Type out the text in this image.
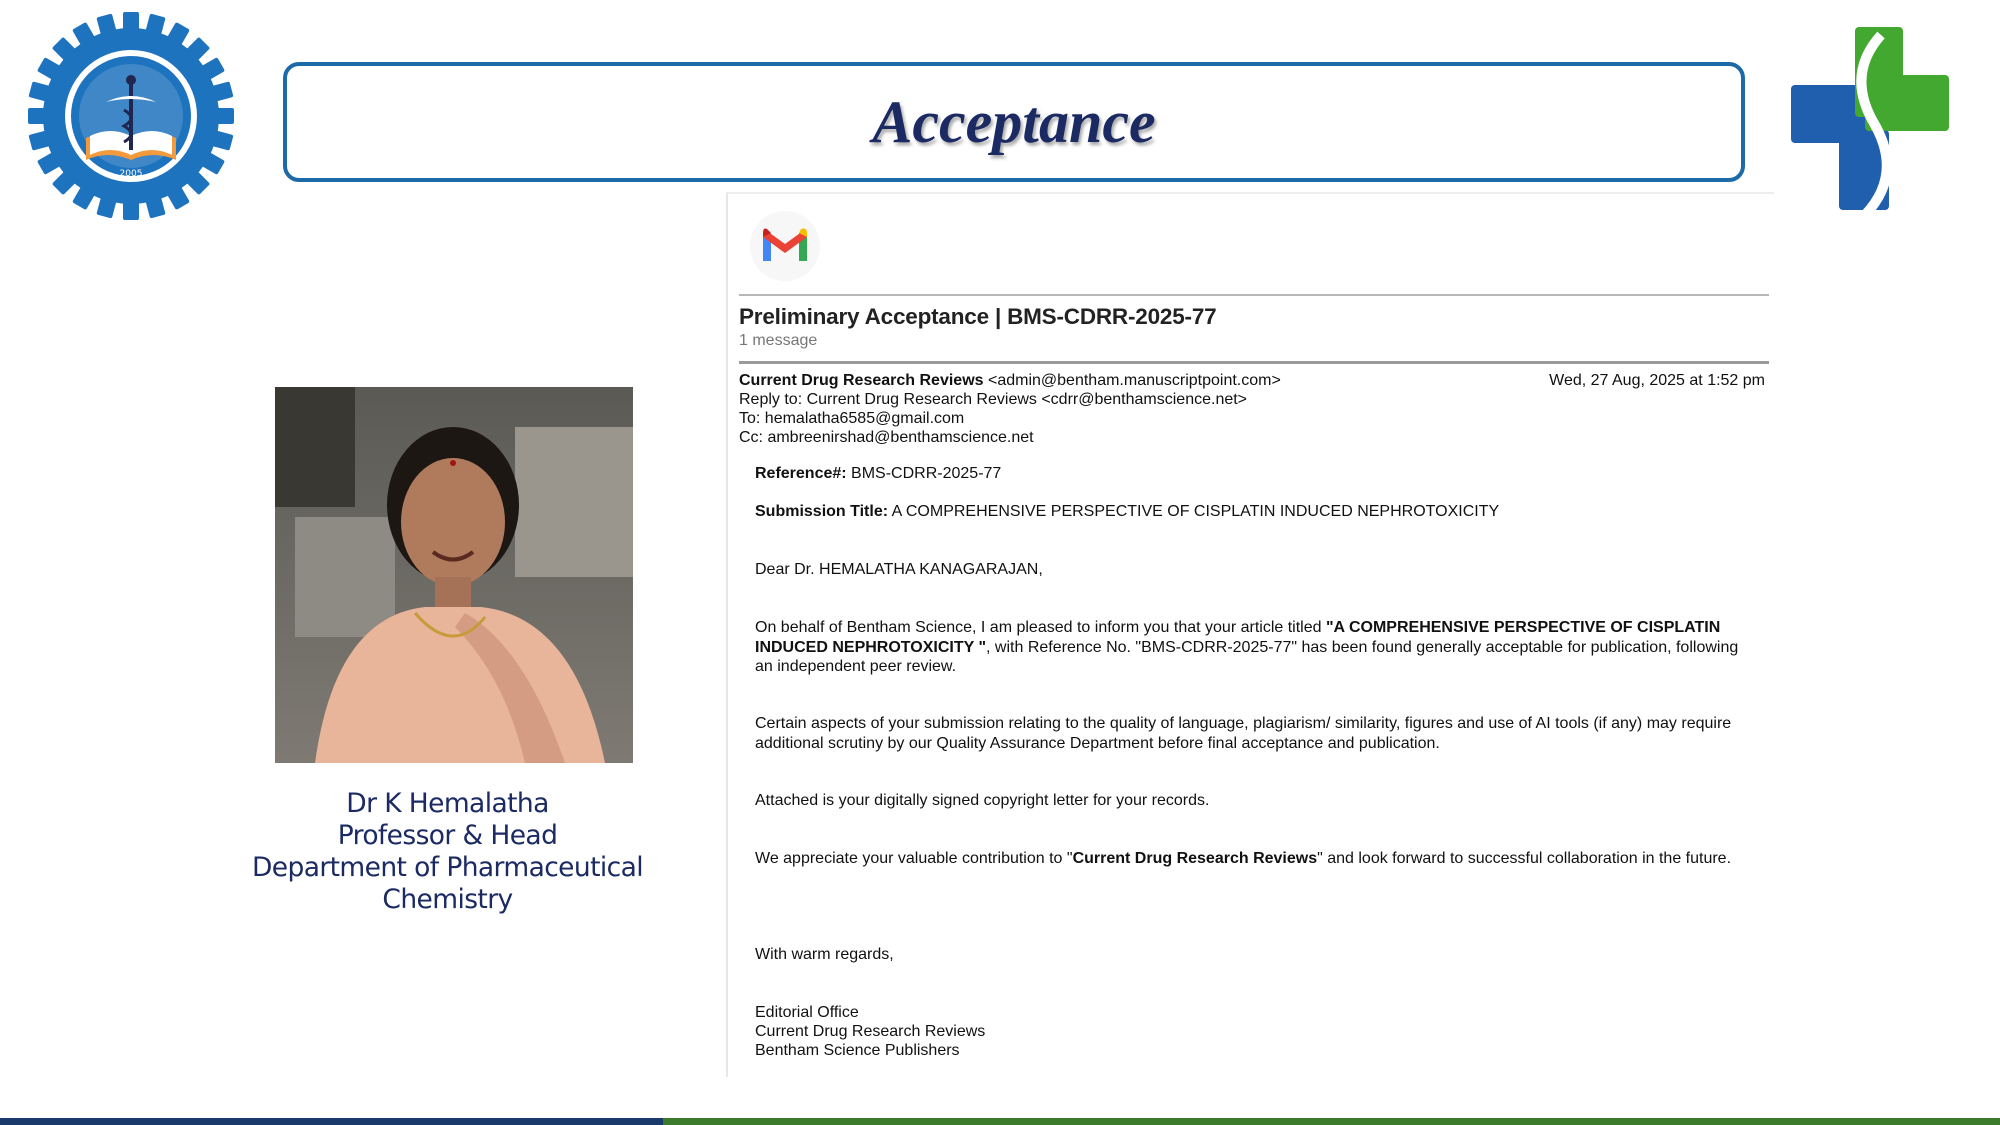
2005
Acceptance
Dr K Hemalatha
Professor & Head
Department of Pharmaceutical
Chemistry
Preliminary Acceptance | BMS-CDRR-2025-77
1 message
Current Drug Research Reviews <admin@bentham.manuscriptpoint.com>	Wed, 27 Aug, 2025 at 1:52 pm
Reply to: Current Drug Research Reviews <cdrr@benthamscience.net>
To: hemalatha6585@gmail.com
Cc: ambreenirshad@benthamscience.net
Reference#: BMS-CDRR-2025-77
Submission Title: A COMPREHENSIVE PERSPECTIVE OF CISPLATIN INDUCED NEPHROTOXICITY
Dear Dr. HEMALATHA KANAGARAJAN,
On behalf of Bentham Science, I am pleased to inform you that your article titled "A COMPREHENSIVE PERSPECTIVE OF CISPLATIN INDUCED NEPHROTOXICITY ", with Reference No. "BMS-CDRR-2025-77" has been found generally acceptable for publication, following an independent peer review.
Certain aspects of your submission relating to the quality of language, plagiarism/ similarity, figures and use of AI tools (if any) may require additional scrutiny by our Quality Assurance Department before final acceptance and publication.
Attached is your digitally signed copyright letter for your records.
We appreciate your valuable contribution to "Current Drug Research Reviews" and look forward to successful collaboration in the future.
With warm regards,
Editorial Office
Current Drug Research Reviews
Bentham Science Publishers
